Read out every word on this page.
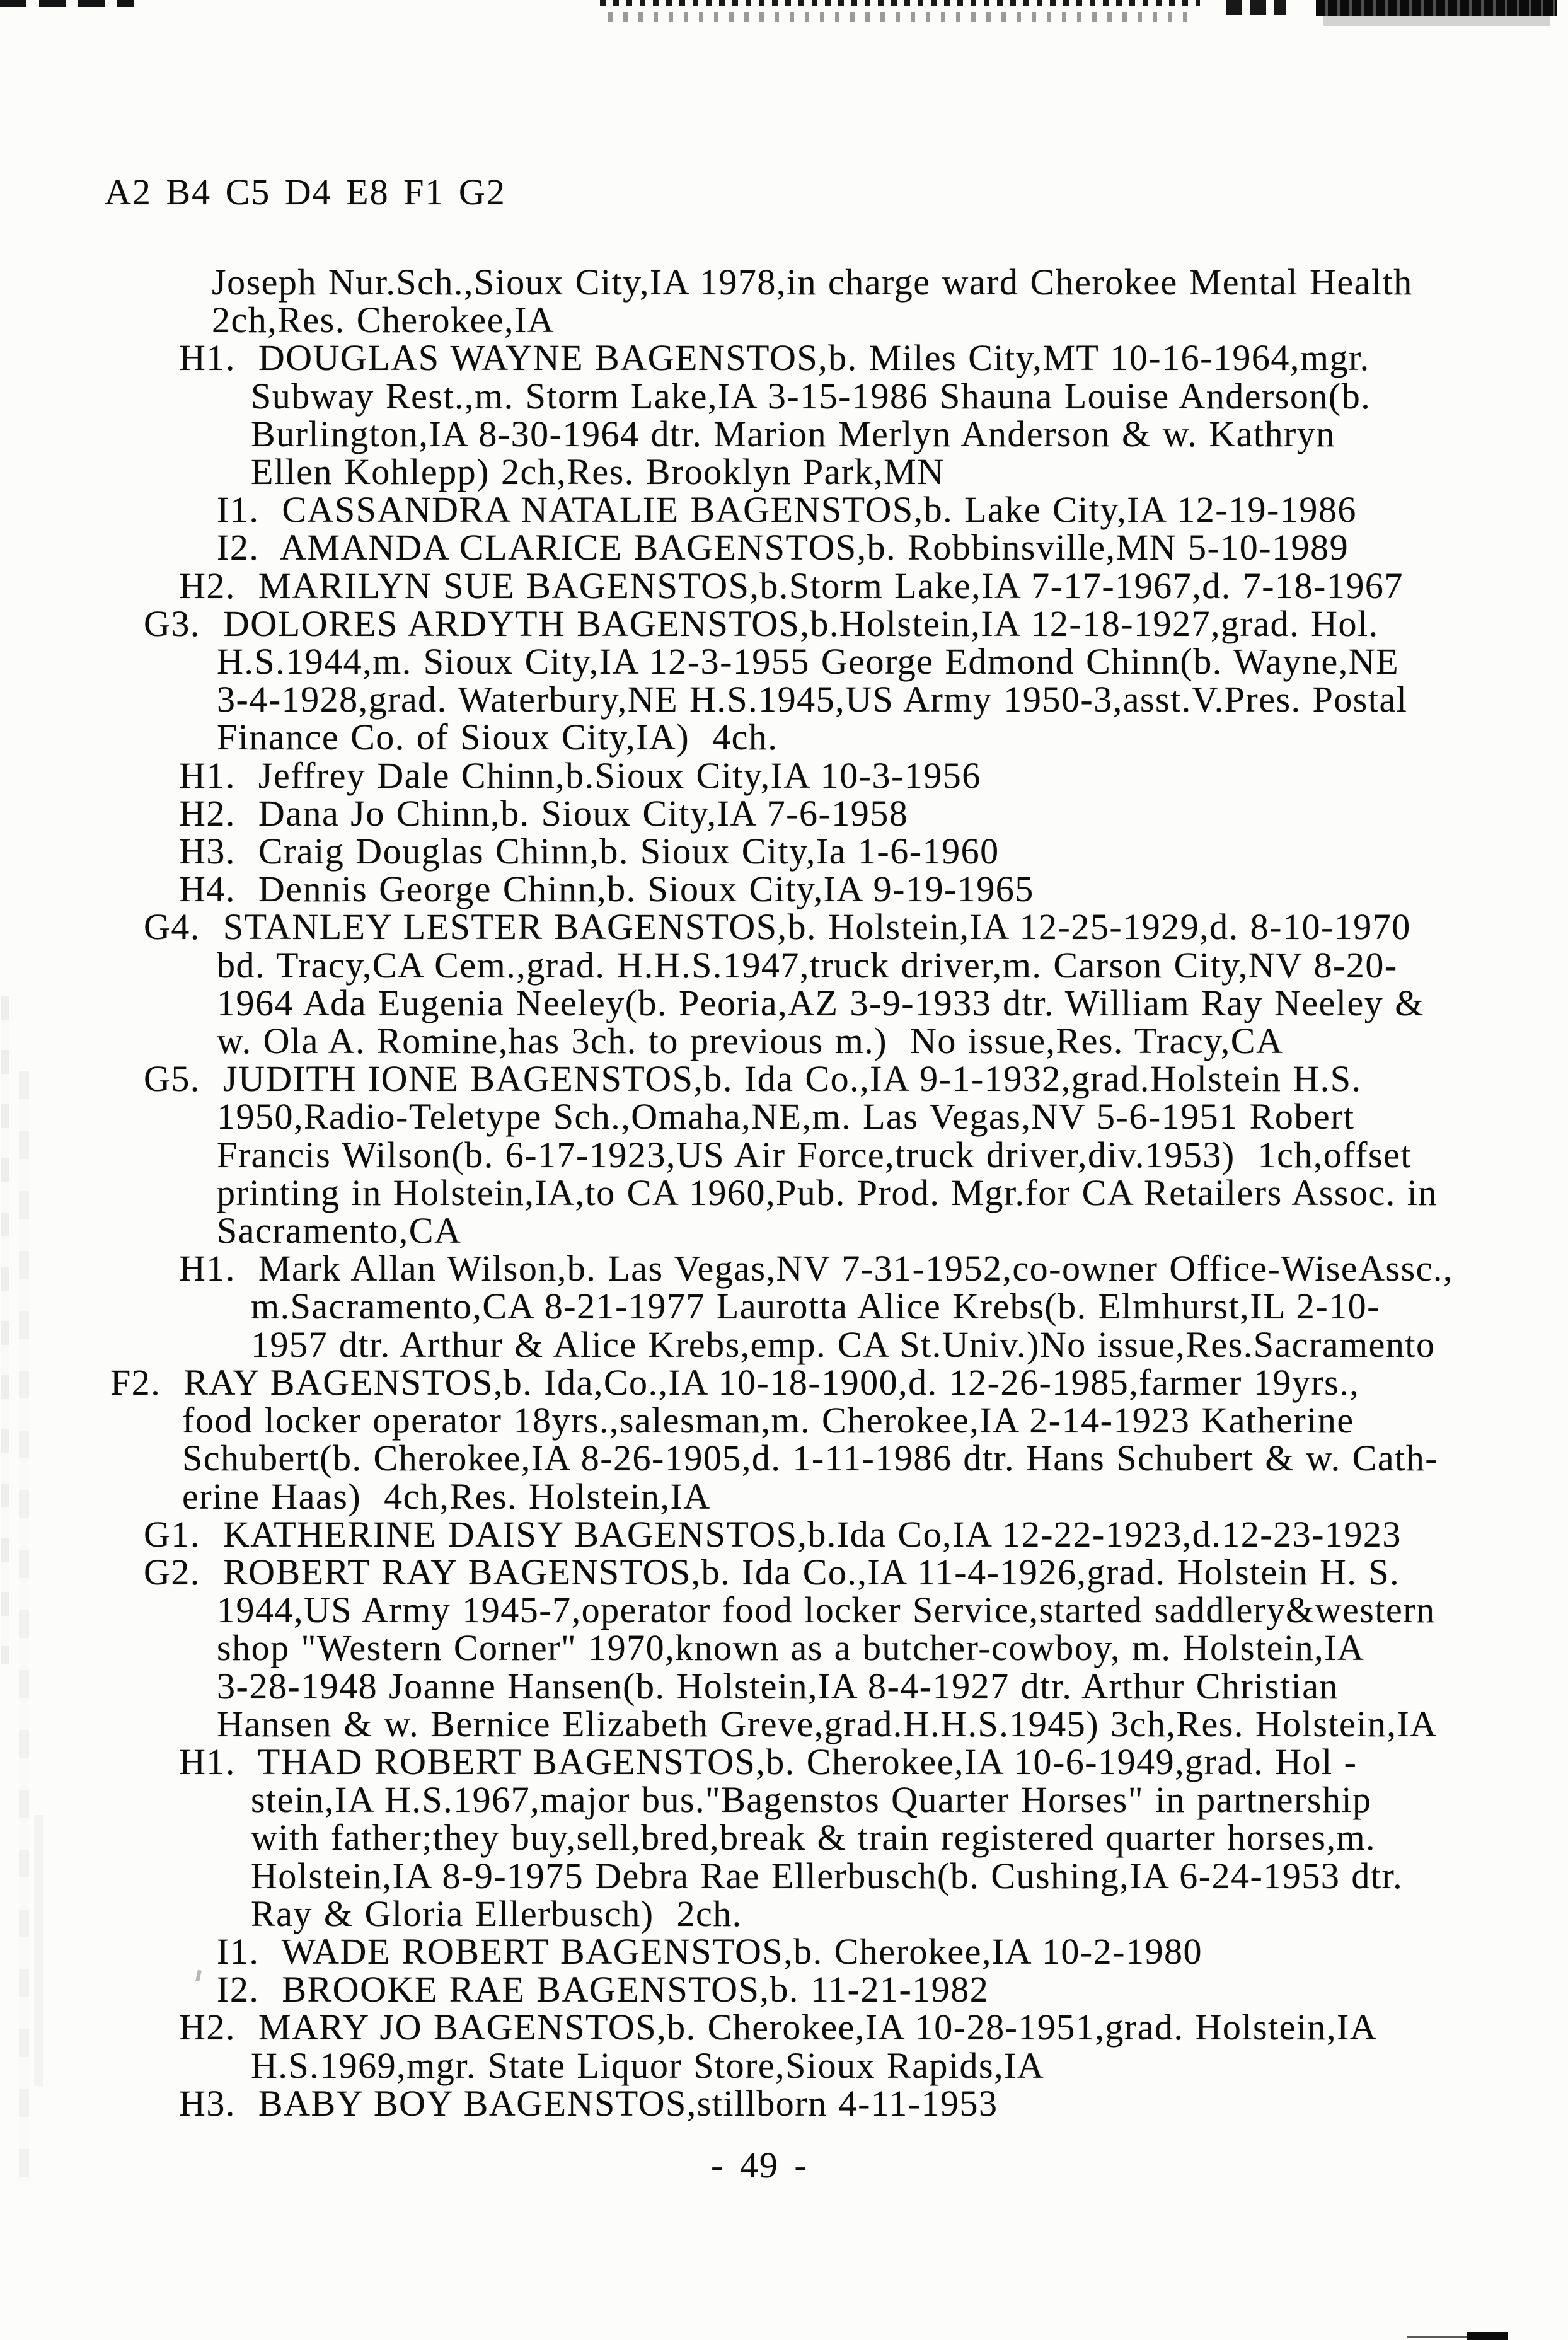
A2 B4 C5 D4 E8 F1 G2
Joseph Nur.Sch.,Sioux City,IA 1978,in charge ward Cherokee Mental Health
2ch,Res. Cherokee,IA
H1.  DOUGLAS WAYNE BAGENSTOS,b. Miles City,MT 10-16-1964,mgr.
Subway Rest.,m. Storm Lake,IA 3-15-1986 Shauna Louise Anderson(b.
Burlington,IA 8-30-1964 dtr. Marion Merlyn Anderson & w. Kathryn
Ellen Kohlepp) 2ch,Res. Brooklyn Park,MN
I1.  CASSANDRA NATALIE BAGENSTOS,b. Lake City,IA 12-19-1986
I2.  AMANDA CLARICE BAGENSTOS,b. Robbinsville,MN 5-10-1989
H2.  MARILYN SUE BAGENSTOS,b.Storm Lake,IA 7-17-1967,d. 7-18-1967
G3.  DOLORES ARDYTH BAGENSTOS,b.Holstein,IA 12-18-1927,grad. Hol.
H.S.1944,m. Sioux City,IA 12-3-1955 George Edmond Chinn(b. Wayne,NE
3-4-1928,grad. Waterbury,NE H.S.1945,US Army 1950-3,asst.V.Pres. Postal
Finance Co. of Sioux City,IA)  4ch.
H1.  Jeffrey Dale Chinn,b.Sioux City,IA 10-3-1956
H2.  Dana Jo Chinn,b. Sioux City,IA 7-6-1958
H3.  Craig Douglas Chinn,b. Sioux City,Ia 1-6-1960
H4.  Dennis George Chinn,b. Sioux City,IA 9-19-1965
G4.  STANLEY LESTER BAGENSTOS,b. Holstein,IA 12-25-1929,d. 8-10-1970
bd. Tracy,CA Cem.,grad. H.H.S.1947,truck driver,m. Carson City,NV 8-20-
1964 Ada Eugenia Neeley(b. Peoria,AZ 3-9-1933 dtr. William Ray Neeley &
w. Ola A. Romine,has 3ch. to previous m.)  No issue,Res. Tracy,CA
G5.  JUDITH IONE BAGENSTOS,b. Ida Co.,IA 9-1-1932,grad.Holstein H.S.
1950,Radio-Teletype Sch.,Omaha,NE,m. Las Vegas,NV 5-6-1951 Robert
Francis Wilson(b. 6-17-1923,US Air Force,truck driver,div.1953)  1ch,offset
printing in Holstein,IA,to CA 1960,Pub. Prod. Mgr.for CA Retailers Assoc. in
Sacramento,CA
H1.  Mark Allan Wilson,b. Las Vegas,NV 7-31-1952,co-owner Office-WiseAssc.,
m.Sacramento,CA 8-21-1977 Laurotta Alice Krebs(b. Elmhurst,IL 2-10-
1957 dtr. Arthur & Alice Krebs,emp. CA St.Univ.)No issue,Res.Sacramento
F2.  RAY BAGENSTOS,b. Ida,Co.,IA 10-18-1900,d. 12-26-1985,farmer 19yrs.,
food locker operator 18yrs.,salesman,m. Cherokee,IA 2-14-1923 Katherine
Schubert(b. Cherokee,IA 8-26-1905,d. 1-11-1986 dtr. Hans Schubert & w. Cath-
erine Haas)  4ch,Res. Holstein,IA
G1.  KATHERINE DAISY BAGENSTOS,b.Ida Co,IA 12-22-1923,d.12-23-1923
G2.  ROBERT RAY BAGENSTOS,b. Ida Co.,IA 11-4-1926,grad. Holstein H. S.
1944,US Army 1945-7,operator food locker Service,started saddlery&western
shop "Western Corner" 1970,known as a butcher-cowboy, m. Holstein,IA
3-28-1948 Joanne Hansen(b. Holstein,IA 8-4-1927 dtr. Arthur Christian
Hansen & w. Bernice Elizabeth Greve,grad.H.H.S.1945) 3ch,Res. Holstein,IA
H1.  THAD ROBERT BAGENSTOS,b. Cherokee,IA 10-6-1949,grad. Hol -
stein,IA H.S.1967,major bus."Bagenstos Quarter Horses" in partnership
with father;they buy,sell,bred,break & train registered quarter horses,m.
Holstein,IA 8-9-1975 Debra Rae Ellerbusch(b. Cushing,IA 6-24-1953 dtr.
Ray & Gloria Ellerbusch)  2ch.
I1.  WADE ROBERT BAGENSTOS,b. Cherokee,IA 10-2-1980
I2.  BROOKE RAE BAGENSTOS,b. 11-21-1982
H2.  MARY JO BAGENSTOS,b. Cherokee,IA 10-28-1951,grad. Holstein,IA
H.S.1969,mgr. State Liquor Store,Sioux Rapids,IA
H3.  BABY BOY BAGENSTOS,stillborn 4-11-1953
- 49 -
